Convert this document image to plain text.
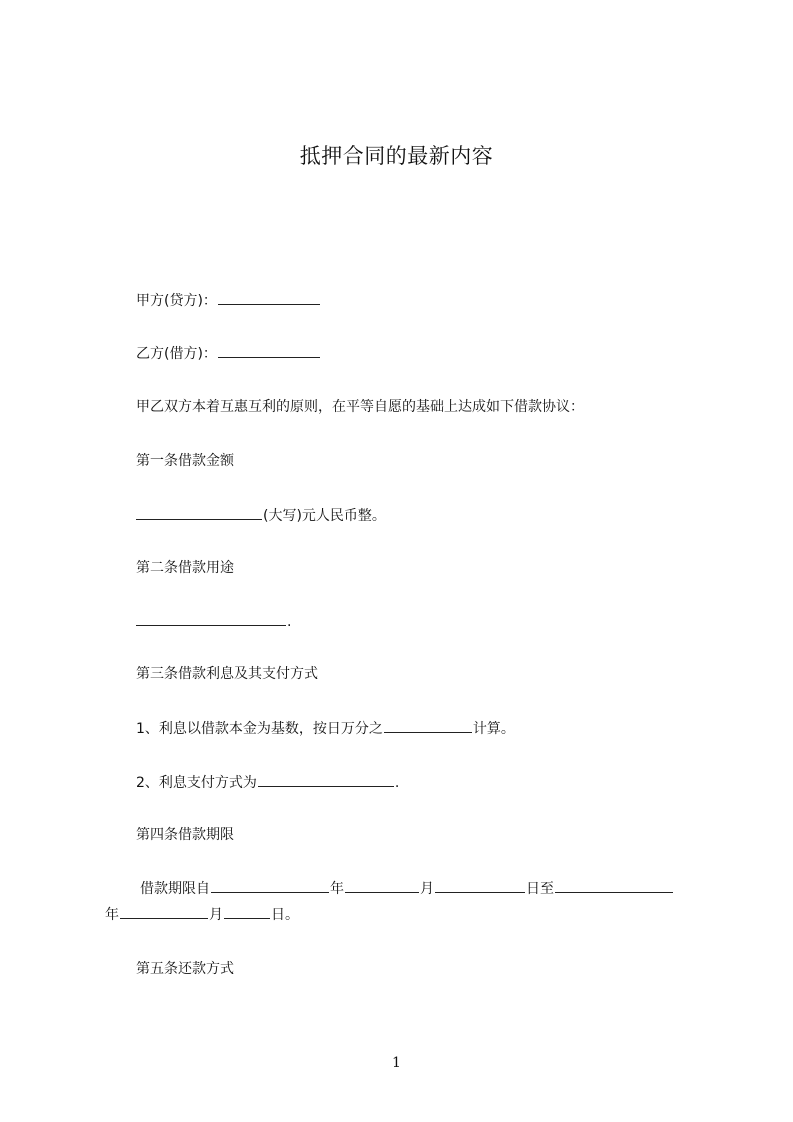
抵押合同的最新内容
甲方(贷方)：
乙方(借方)：
甲乙双方本着互惠互利的原则，在平等自愿的基础上达成如下借款协议：
第一条借款金额
(大写)元人民币整。
第二条借款用途
.
第三条借款利息及其支付方式
1、利息以借款本金为基数，按日万分之	计算。
2、利息支付方式为	.
第四条借款期限
借款期限自	年	月	日至
年	月	日。
第五条还款方式
1
